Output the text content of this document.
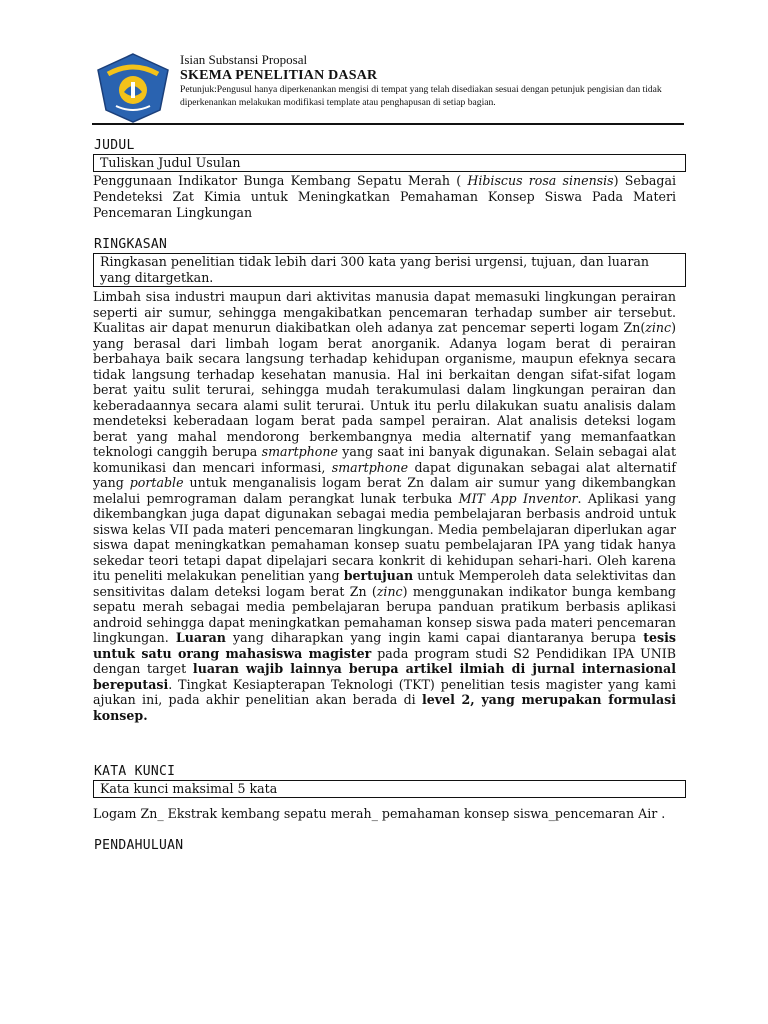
Isian Substansi Proposal
SKEMA PENELITIAN DASAR
Petunjuk:Pengusul hanya diperkenankan mengisi di tempat yang telah disediakan sesuai dengan petunjuk pengisian dan tidak diperkenankan melakukan modifikasi template atau penghapusan di setiap bagian.
JUDUL
Tuliskan Judul Usulan

Penggunaan Indikator Bunga Kembang Sepatu Merah ( Hibiscus rosa sinensis) Sebagai Pendeteksi Zat Kimia untuk Meningkatkan Pemahaman Konsep Siswa Pada Materi Pencemaran Lingkungan

RINGKASAN
Ringkasan penelitian tidak lebih dari 300 kata yang berisi urgensi, tujuan, dan luaran yang ditargetkan.

Limbah sisa industri maupun dari aktivitas manusia dapat memasuki lingkungan perairan seperti air sumur, sehingga mengakibatkan pencemaran terhadap sumber air tersebut. Kualitas air dapat menurun diakibatkan oleh adanya zat pencemar seperti logam Zn(zinc) yang berasal dari limbah logam berat anorganik. Adanya logam berat di perairan berbahaya baik secara langsung terhadap kehidupan organisme, maupun efeknya secara tidak langsung terhadap kesehatan manusia. Hal ini berkaitan dengan sifat-sifat logam berat yaitu sulit terurai, sehingga mudah terakumulasi dalam lingkungan perairan dan keberadaannya secara alami sulit terurai. Untuk itu perlu dilakukan suatu analisis dalam mendeteksi keberadaan logam berat pada sampel perairan. Alat analisis deteksi logam berat yang mahal mendorong berkembangnya media alternatif yang memanfaatkan teknologi canggih berupa smartphone yang saat ini banyak digunakan. Selain sebagai alat komunikasi dan mencari informasi, smartphone dapat digunakan sebagai alat alternatif yang portable untuk menganalisis logam berat Zn dalam air sumur yang dikembangkan melalui pemrograman dalam perangkat lunak terbuka MIT App Inventor. Aplikasi yang dikembangkan juga dapat digunakan sebagai media pembelajaran berbasis android untuk siswa kelas VII pada materi pencemaran lingkungan. Media pembelajaran diperlukan agar siswa dapat meningkatkan pemahaman konsep suatu pembelajaran IPA yang tidak hanya sekedar teori tetapi dapat dipelajari secara konkrit di kehidupan sehari-hari. Oleh karena itu peneliti melakukan penelitian yang bertujuan untuk Memperoleh data selektivitas dan sensitivitas dalam deteksi logam berat Zn (zinc) menggunakan indikator bunga kembang sepatu merah sebagai media pembelajaran berupa panduan pratikum berbasis aplikasi android sehingga dapat meningkatkan pemahaman konsep siswa pada materi pencemaran lingkungan. Luaran yang diharapkan yang ingin kami capai diantaranya berupa tesis untuk satu orang mahasiswa magister pada program studi S2 Pendidikan IPA UNIB dengan target luaran wajib lainnya berupa artikel ilmiah di jurnal internasional bereputasi. Tingkat Kesiapterapan Teknologi (TKT) penelitian tesis magister yang kami ajukan ini, pada akhir penelitian akan berada di level 2, yang merupakan formulasi konsep.

KATA KUNCI
Kata kunci maksimal 5 kata
Logam Zn_ Ekstrak kembang sepatu merah_ pemahaman konsep siswa_pencemaran Air .
PENDAHULUAN
